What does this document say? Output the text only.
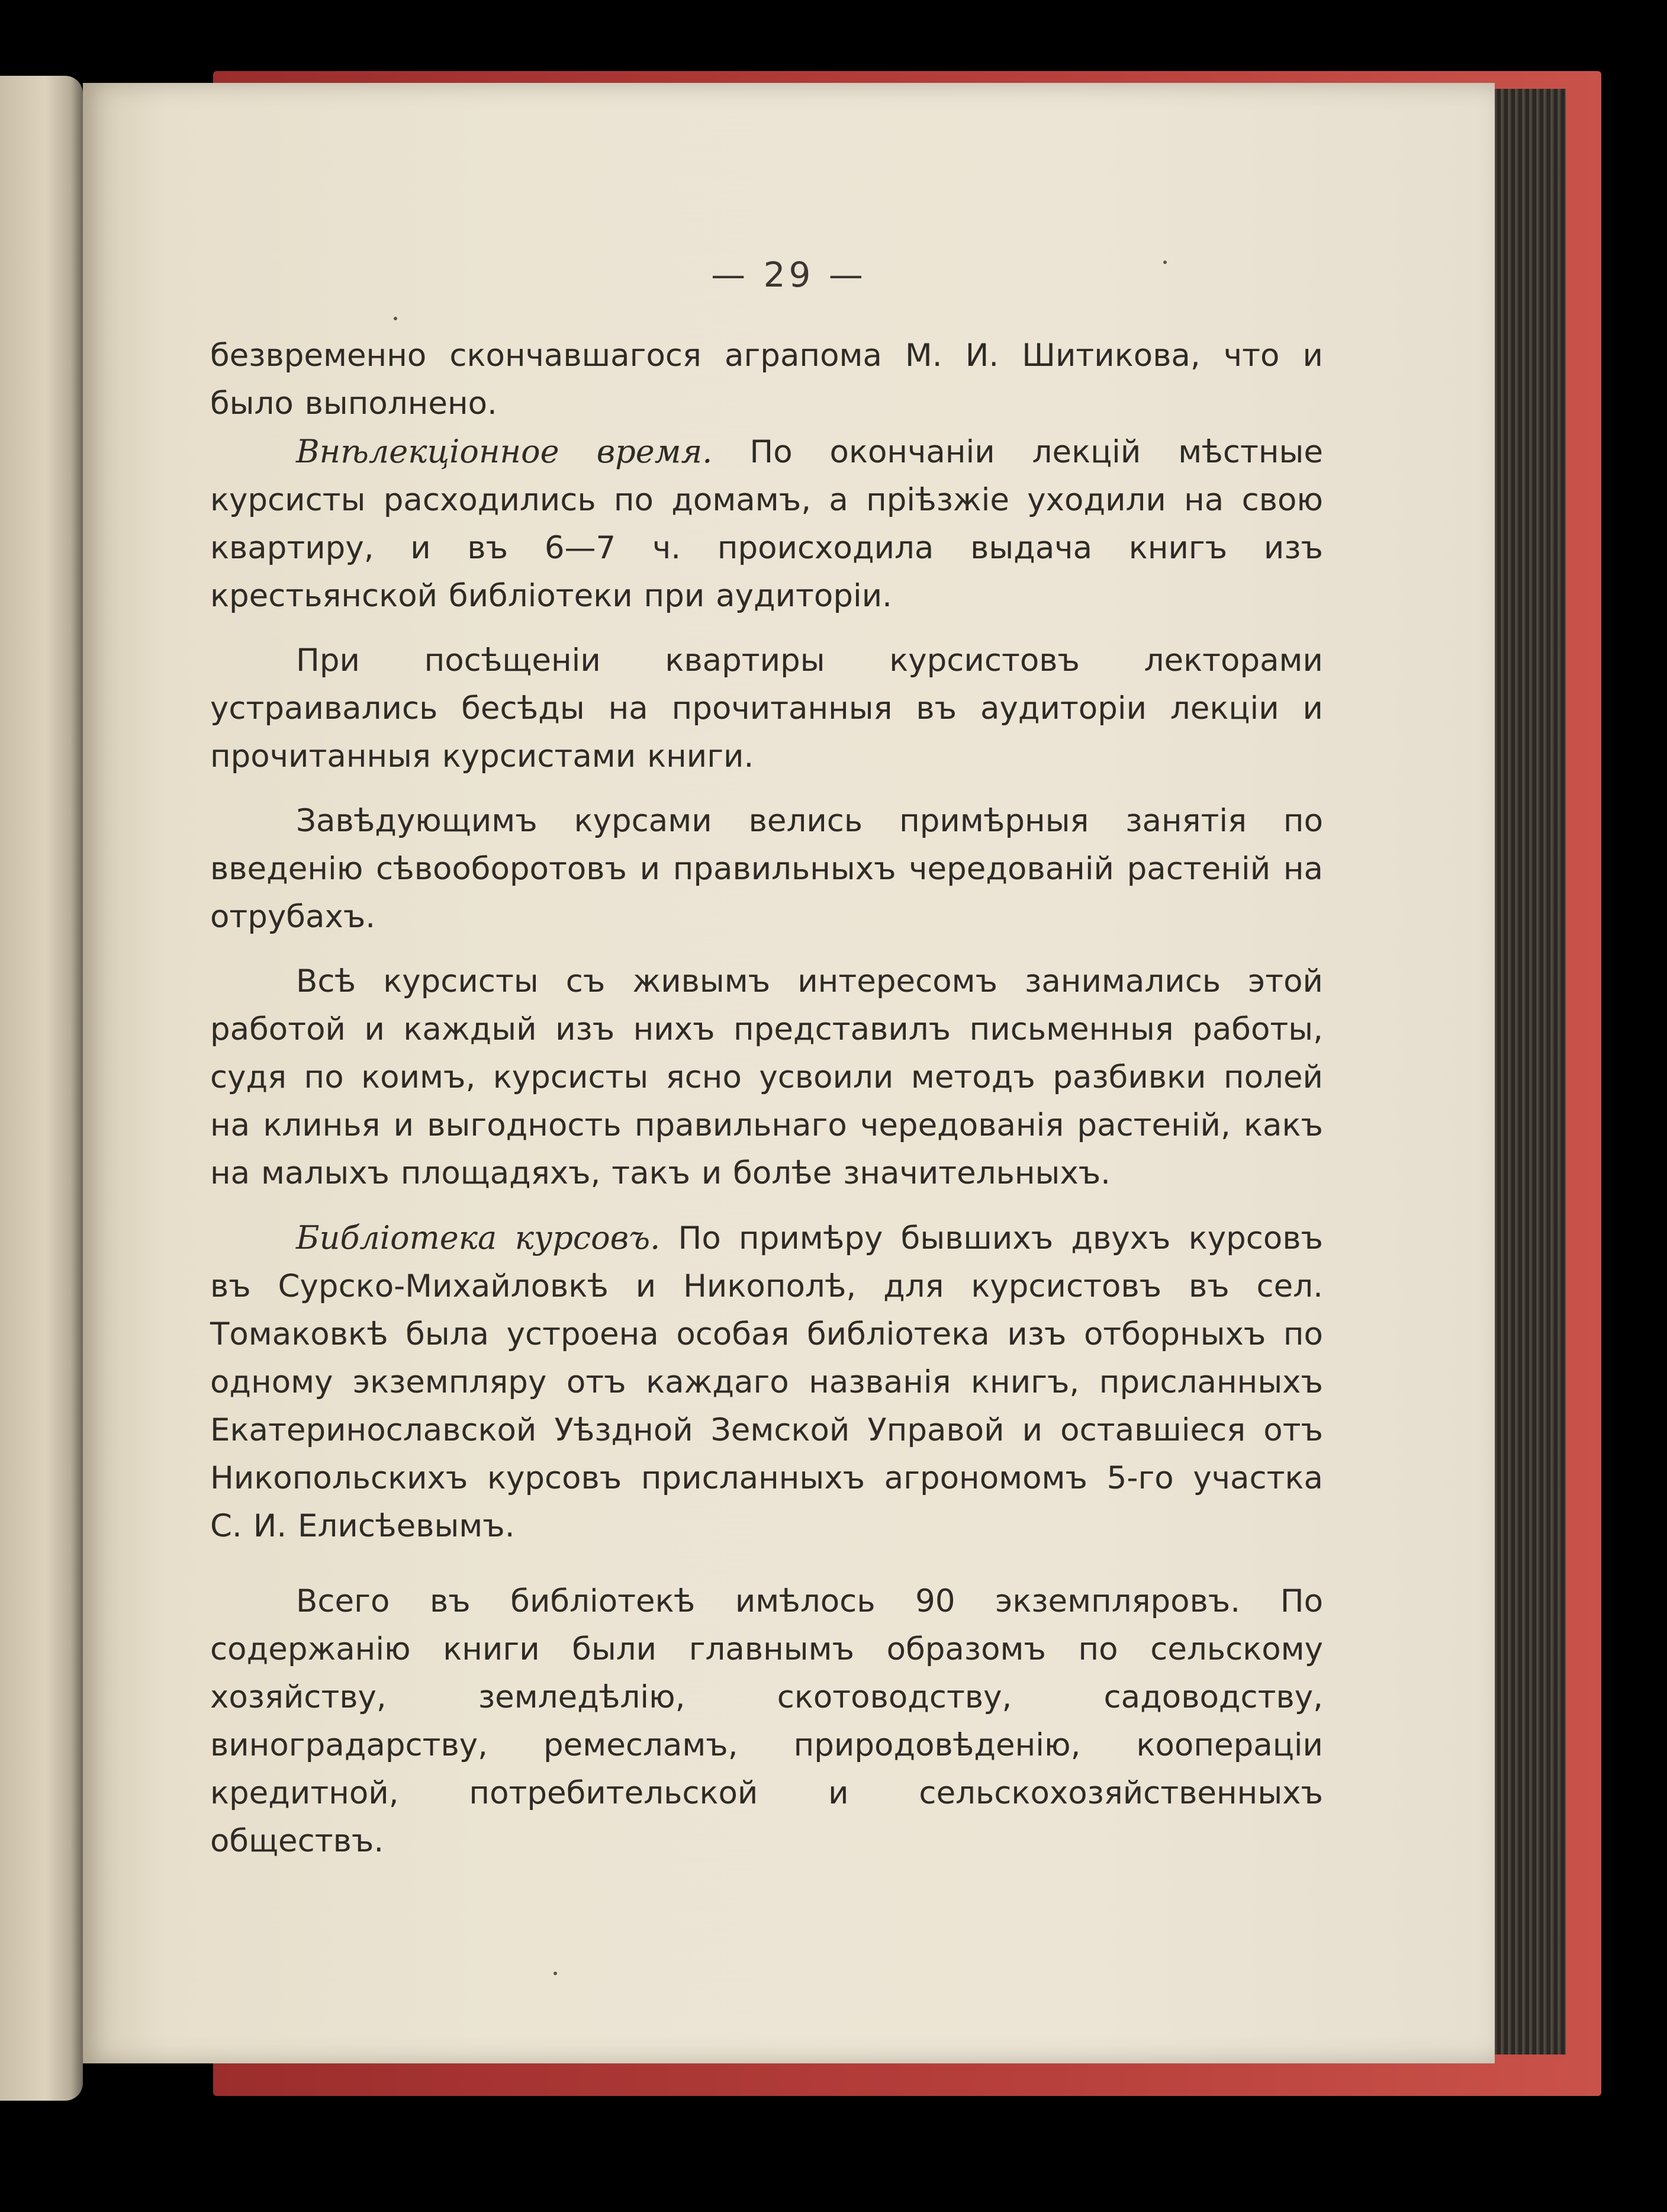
— 29 —

безвременно скончавшагося аграпома М. И. Шитикова, что и было выполнено.

Внѣлекціонное время. По окончаніи лекцій мѣстные курсисты расходились по домамъ, а пріѣзжіе уходили на свою квартиру, и въ 6—7 ч. происходила выдача книгъ изъ крестьянской библіотеки при аудиторіи.

При посѣщеніи квартиры курсистовъ лекторами устраивались бесѣды на прочитанныя въ аудиторіи лекціи и прочитанныя курсистами книги.

Завѣдующимъ курсами велись примѣрныя занятія по введенію сѣвооборотовъ и правильныхъ чередованій растеній на отрубахъ.

Всѣ курсисты съ живымъ интересомъ занимались этой работой и каждый изъ нихъ представилъ письменныя работы, судя по коимъ, курсисты ясно усвоили методъ разбивки полей на клинья и выгодность правильнаго чередованія растеній, какъ на малыхъ площадяхъ, такъ и болѣе значительныхъ.

Библіотека курсовъ. По примѣру бывшихъ двухъ курсовъ въ Сурско-Михайловкѣ и Никополѣ, для курсистовъ въ сел. Томаковкѣ была устроена особая библіотека изъ отборныхъ по одному экземпляру отъ каждаго названія книгъ, присланныхъ Екатеринославской Уѣздной Земской Управой и оставшіеся отъ Никопольскихъ курсовъ присланныхъ агрономомъ 5-го участка С. И. Елисѣевымъ.

Всего въ библіотекѣ имѣлось 90 экземпляровъ. По содержанію книги были главнымъ образомъ по сельскому хозяйству, земледѣлію, скотоводству, садоводству, виноградарству, ремесламъ, природовѣденію, коопераціи кредитной, потребительской и сельскохозяйственныхъ обществъ.
